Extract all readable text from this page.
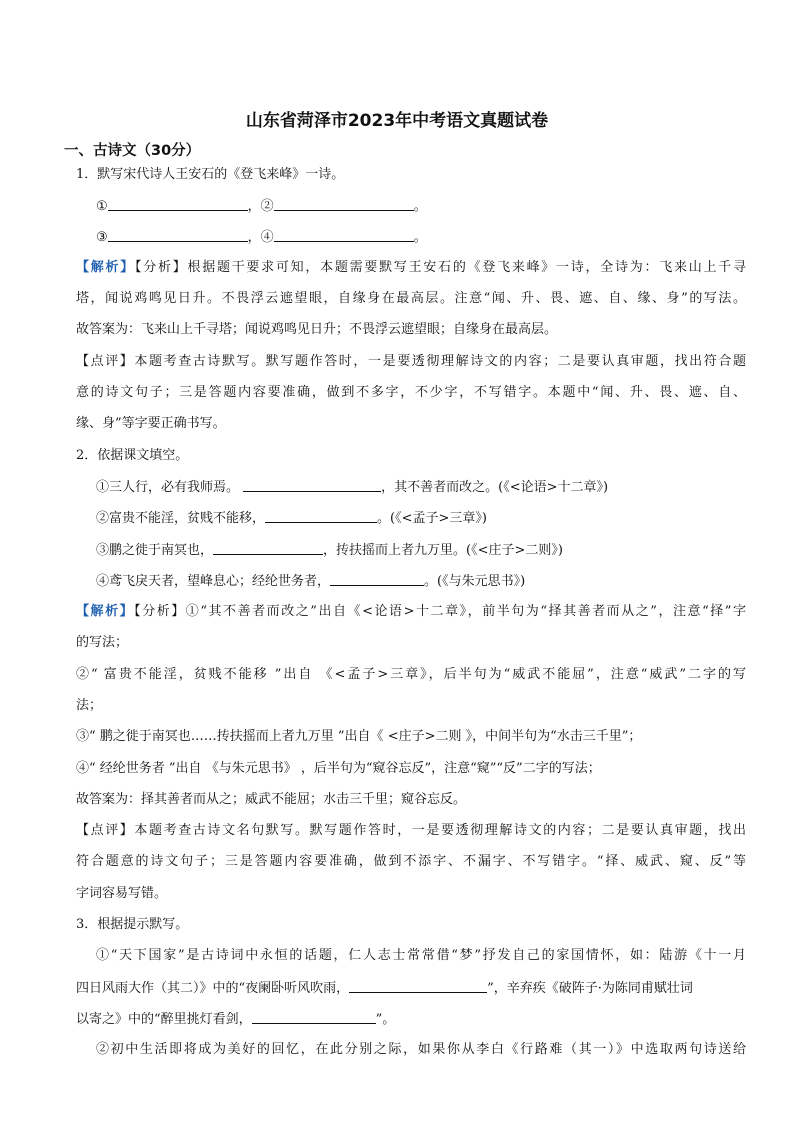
山东省菏泽市2023年中考语文真题试卷
一、古诗文（30分）
1．默写宋代诗人王安石的《登飞来峰》一诗。
①	，②	。
③	，④	。
【解析】【分析】根据题干要求可知，本题需要默写王安石的《登飞来峰》一诗，全诗为：飞来山上千寻
塔，闻说鸡鸣见日升。不畏浮云遮望眼，自缘身在最高层。注意“闻、升、畏、遮、自、缘、身”的写法。
故答案为：飞来山上千寻塔；闻说鸡鸣见日升；不畏浮云遮望眼；自缘身在最高层。
【点评】本题考查古诗默写。默写题作答时，一是要透彻理解诗文的内容；二是要认真审题，找出符合题
意的诗文句子；三是答题内容要准确，做到不多字，不少字，不写错字。本题中“闻、升、畏、遮、自、
缘、身”等字要正确书写。
2．依据课文填空。
①三人行，必有我师焉。	，其不善者而改之。(《<论语>十二章》)
②富贵不能淫，贫贱不能移，	。(《<孟子>三章》)
③鹏之徙于南冥也，	，抟扶摇而上者九万里。(《<庄子>二则》)
④鸢飞戾天者，望峰息心；经纶世务者，	。(《与朱元思书》)
【解析】【分析】①“其不善者而改之”出自《<论语>十二章》，前半句为“择其善者而从之”，注意“择”字
的写法；
②“ 富贵不能淫，贫贱不能移 ”出自 《<孟子>三章》，后半句为“威武不能屈”，注意“威武”二字的写
法；
③“ 鹏之徙于南冥也……抟扶摇而上者九万里 ”出自《 <庄子>二则 》，中间半句为“水击三千里”；
④“ 经纶世务者 ”出自 《与朱元思书》 ，后半句为“窥谷忘反”，注意“窥”“反”二字的写法；
故答案为：择其善者而从之；威武不能屈；水击三千里；窥谷忘反。
【点评】本题考查古诗文名句默写。默写题作答时，一是要透彻理解诗文的内容；二是要认真审题，找出
符合题意的诗文句子；三是答题内容要准确，做到不添字、不漏字、不写错字。“择、威武、窥、反”等
字词容易写错。
3．根据提示默写。
①“天下国家”是古诗词中永恒的话题，仁人志士常常借“梦”抒发自己的家国情怀，如：陆游《十一月
四日风雨大作（其二）》中的“夜阑卧听风吹雨，	”，辛弃疾《破阵子·为陈同甫赋壮词
以寄之》中的“醉里挑灯看剑，	”。
②初中生活即将成为美好的回忆，在此分别之际，如果你从李白《行路难（其一）》中选取两句诗送给
